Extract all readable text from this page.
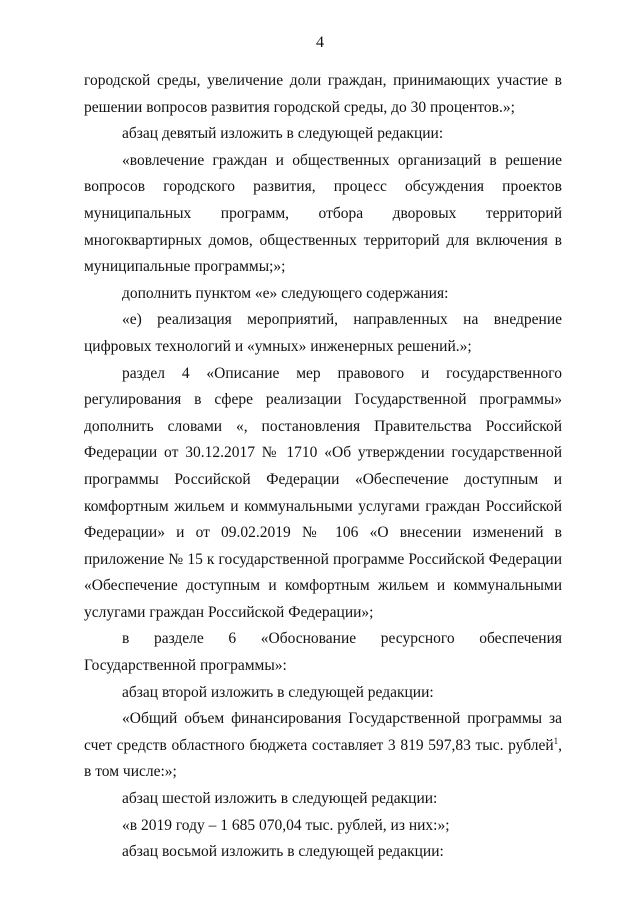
4

городской среды, увеличение доли граждан, принимающих участие в решении вопросов развития городской среды, до 30 процентов.»;

абзац девятый изложить в следующей редакции:

«вовлечение граждан и общественных организаций в решение вопросов городского развития, процесс обсуждения проектов муниципальных программ, отбора дворовых территорий многоквартирных домов, общественных территорий для включения в муниципальные программы;»;

дополнить пунктом «е» следующего содержания:

«е) реализация мероприятий, направленных на внедрение цифровых технологий и «умных» инженерных решений.»;

раздел 4 «Описание мер правового и государственного регулирования в сфере реализации Государственной программы» дополнить словами «, постановления Правительства Российской Федерации от 30.12.2017 № 1710 «Об утверждении государственной программы Российской Федерации «Обеспечение доступным и комфортным жильем и коммунальными услугами граждан Российской Федерации» и от 09.02.2019 № 106 «О внесении изменений в приложение № 15 к государственной программе Российской Федерации «Обеспечение доступным и комфортным жильем и коммунальными услугами граждан Российской Федерации»;

в разделе 6 «Обоснование ресурсного обеспечения Государственной программы»:

абзац второй изложить в следующей редакции:

«Общий объем финансирования Государственной программы за счет средств областного бюджета составляет 3 819 597,83 тыс. рублей$^1$, в том числе:»;

абзац шестой изложить в следующей редакции:

«в 2019 году – 1 685 070,04 тыс. рублей, из них:»;

абзац восьмой изложить в следующей редакции:
